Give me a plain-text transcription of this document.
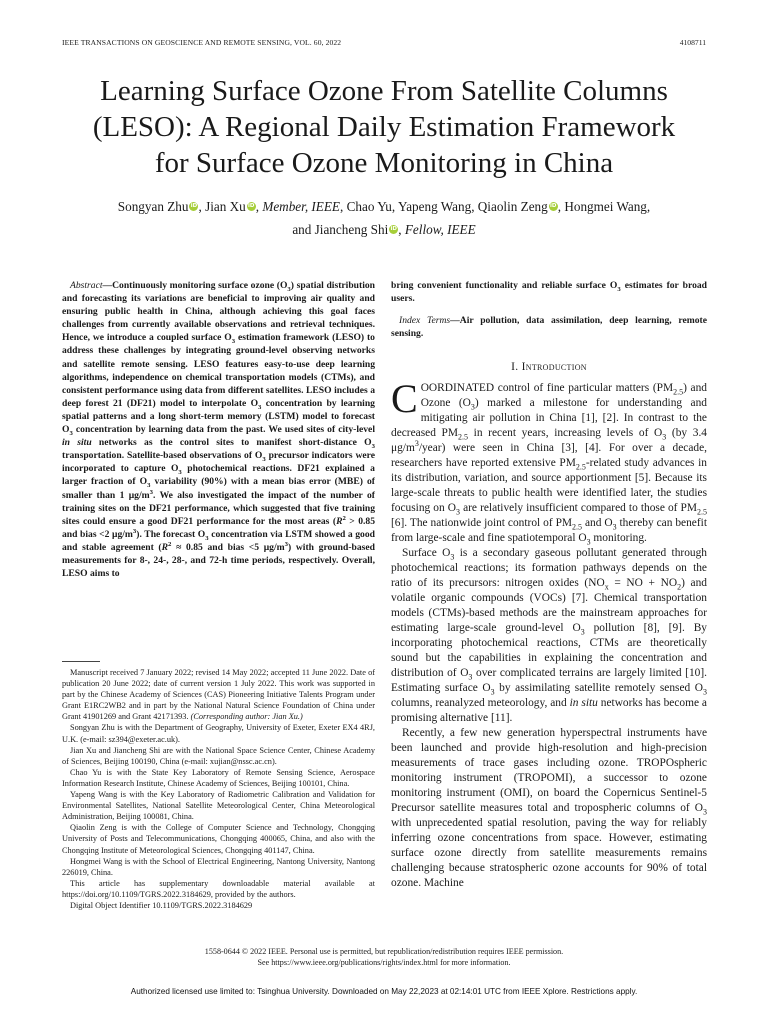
IEEE TRANSACTIONS ON GEOSCIENCE AND REMOTE SENSING, VOL. 60, 2022	4108711
Learning Surface Ozone From Satellite Columns
(LESO): A Regional Daily Estimation Framework
for Surface Ozone Monitoring in China
Songyan Zhu iD, Jian Xu iD, Member, IEEE, Chao Yu, Yapeng Wang, Qiaolin Zeng iD, Hongmei Wang,
and Jiancheng Shi iD, Fellow, IEEE

Abstract—Continuously monitoring surface ozone $(O_3)$ spatial distribution and forecasting its variations are beneficial to improving air quality and ensuring public health in China, although achieving this goal faces challenges from currently available observations and retrieval techniques. Hence, we introduce a coupled surface $O_3$ estimation framework (LESO) to address these challenges by integrating ground-level observing networks and satellite remote sensing. LESO features easy-to-use deep learning algorithms, independence on chemical transportation models (CTMs), and consistent performance using data from different satellites. LESO includes a deep forest 21 (DF21) model to interpolate $O_3$ concentration by learning spatial patterns and a long short-term memory (LSTM) model to forecast $O_3$ concentration by learning data from the past. We used sites of city-level in situ networks as the control sites to manifest short-distance $O_3$ transportation. Satellite-based observations of $O_3$ precursor indicators were incorporated to capture $O_3$ photochemical reactions. DF21 explained a larger fraction of $O_3$ variability (90%) with a mean bias error (MBE) of smaller than 1 $\mu g/m^3$. We also investigated the impact of the number of training sites on the DF21 performance, which suggested that five training sites could ensure a good DF21 performance for the most areas ($R^2 > 0.85$ and bias <2 $\mu g/m^3$). The forecast $O_3$ concentration via LSTM showed a good and stable agreement ($R^2 \approx 0.85$ and bias <5 $\mu g/m^3$) with ground-based measurements for 8-, 24-, 28-, and 72-h time periods, respectively. Overall, LESO aims to

Manuscript received 7 January 2022; revised 14 May 2022; accepted 11 June 2022. Date of publication 20 June 2022; date of current version 1 July 2022. This work was supported in part by the Chinese Academy of Sciences (CAS) Pioneering Initiative Talents Program under Grant E1RC2WB2 and in part by the National Natural Science Foundation of China under Grant 41901269 and Grant 42171393. (Corresponding author: Jian Xu.)

Songyan Zhu is with the Department of Geography, University of Exeter, Exeter EX4 4RJ, U.K. (e-mail: sz394@exeter.ac.uk).

Jian Xu and Jiancheng Shi are with the National Space Science Center, Chinese Academy of Sciences, Beijing 100190, China (e-mail: xujian@nssc.ac.cn).

Chao Yu is with the State Key Laboratory of Remote Sensing Science, Aerospace Information Research Institute, Chinese Academy of Sciences, Beijing 100101, China.

Yapeng Wang is with the Key Laboratory of Radiometric Calibration and Validation for Environmental Satellites, National Satellite Meteorological Center, China Meteorological Administration, Beijing 100081, China.

Qiaolin Zeng is with the College of Computer Science and Technology, Chongqing University of Posts and Telecommunications, Chongqing 400065, China, and also with the Chongqing Institute of Meteorological Sciences, Chongqing 401147, China.

Hongmei Wang is with the School of Electrical Engineering, Nantong University, Nantong 226019, China.

This article has supplementary downloadable material available at https://doi.org/10.1109/TGRS.2022.3184629, provided by the authors.

Digital Object Identifier 10.1109/TGRS.2022.3184629

bring convenient functionality and reliable surface $O_3$ estimates for broad users.

Index Terms—Air pollution, data assimilation, deep learning, remote sensing.

I. Introduction

COORDINATED control of fine particular matters $(PM_{2.5})$ and Ozone $(O_3)$ marked a milestone for understanding and mitigating air pollution in China [1], [2]. In contrast to the decreased $PM_{2.5}$ in recent years, increasing levels of $O_3$ (by 3.4 $\mu g/m^3/year$) were seen in China [3], [4]. For over a decade, researchers have reported extensive $PM_{2.5}$-related study advances in its distribution, variation, and source apportionment [5]. Because its large-scale threats to public health were identified later, the studies focusing on $O_3$ are relatively insufficient compared to those of $PM_{2.5}$ [6]. The nationwide joint control of $PM_{2.5}$ and $O_3$ thereby can benefit from large-scale and fine spatiotemporal $O_3$ monitoring.

Surface $O_3$ is a secondary gaseous pollutant generated through photochemical reactions; its formation pathways depends on the ratio of its precursors: nitrogen oxides ($NO_x$ = NO + $NO_2$) and volatile organic compounds (VOCs) [7]. Chemical transportation models (CTMs)-based methods are the mainstream approaches for estimating large-scale ground-level $O_3$ pollution [8], [9]. By incorporating photochemical reactions, CTMs are theoretically sound but the capabilities in explaining the concentration and distribution of $O_3$ over complicated terrains are largely limited [10]. Estimating surface $O_3$ by assimilating satellite remotely sensed $O_3$ columns, reanalyzed meteorology, and in situ networks has become a promising alternative [11].

Recently, a few new generation hyperspectral instruments have been launched and provide high-resolution and high-precision measurements of trace gases including ozone. TROPOspheric monitoring instrument (TROPOMI), a successor to ozone monitoring instrument (OMI), on board the Copernicus Sentinel-5 Precursor satellite measures total and tropospheric columns of $O_3$ with unprecedented spatial resolution, paving the way for reliably inferring ozone concentrations from space. However, estimating surface ozone directly from satellite measurements remains challenging because stratospheric ozone accounts for 90% of total ozone. Machine

1558-0644 © 2022 IEEE. Personal use is permitted, but republication/redistribution requires IEEE permission.
See https://www.ieee.org/publications/rights/index.html for more information.
Authorized licensed use limited to: Tsinghua University. Downloaded on May 22,2023 at 02:14:01 UTC from IEEE Xplore. Restrictions apply.
